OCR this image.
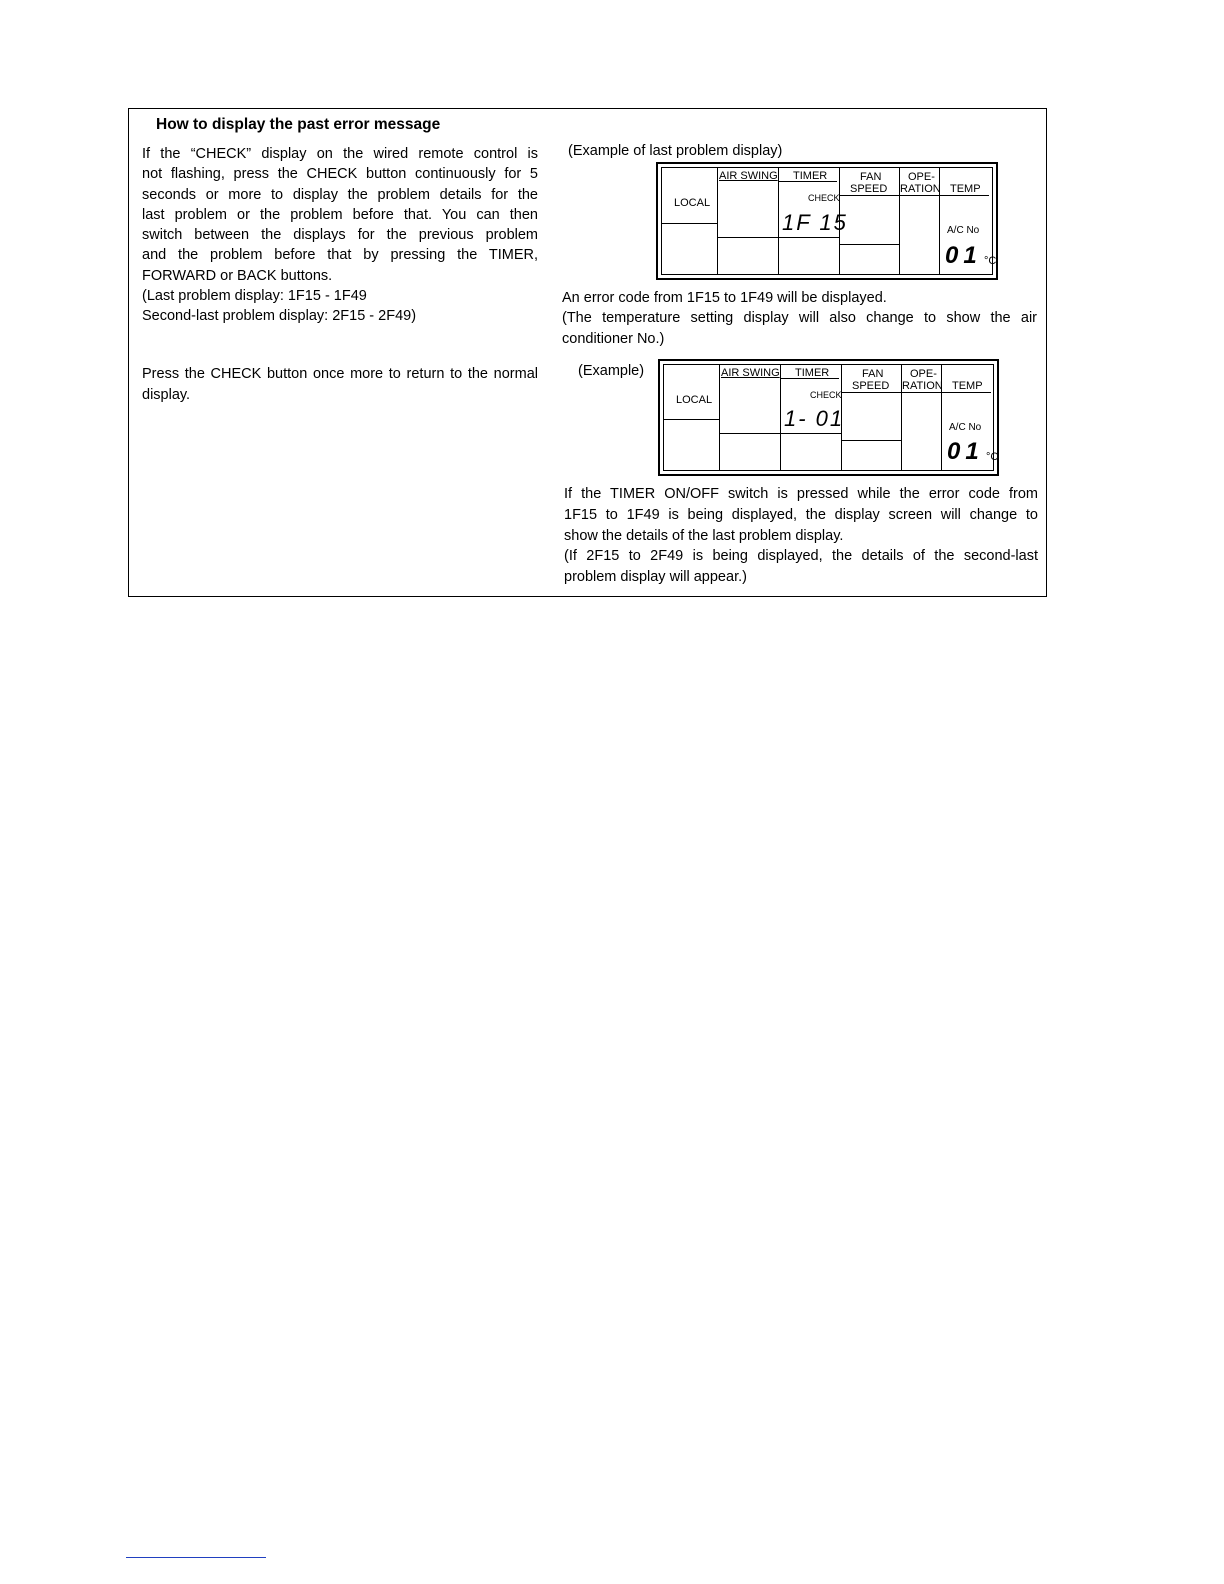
How to display the past error message

If the “CHECK” display on the wired remote control is
not flashing, press the CHECK button continuously for 5
seconds or more to display the problem details for the
last problem or the problem before that. You can then
switch between the displays for the previous problem
and the problem before that by pressing the TIMER,
FORWARD or BACK buttons.
(Last problem display: 1F15 - 1F49
Second-last problem display: 2F15 - 2F49)

Press the CHECK button once more to return to the normal display.
(Example of last problem display)
LOCAL
AIR SWING TIMER
CHECK
FAN
SPEED
OPE-
RATION TEMP
A/C No
1F 15
01 °C
An error code from 1F15 to 1F49 will be displayed.
(The temperature setting display will also change to show the air
conditioner No.)
(Example)
LOCAL
AIR SWING TIMER
CHECK
FAN
SPEED
OPE-
RATION TEMP
A/C No
1- 01
01 °C
If the TIMER ON/OFF switch is pressed while the error code from
1F15 to 1F49 is being displayed, the display screen will change to
show the details of the last problem display.
(If 2F15 to 2F49 is being displayed, the details of the second-last
problem display will appear.)
